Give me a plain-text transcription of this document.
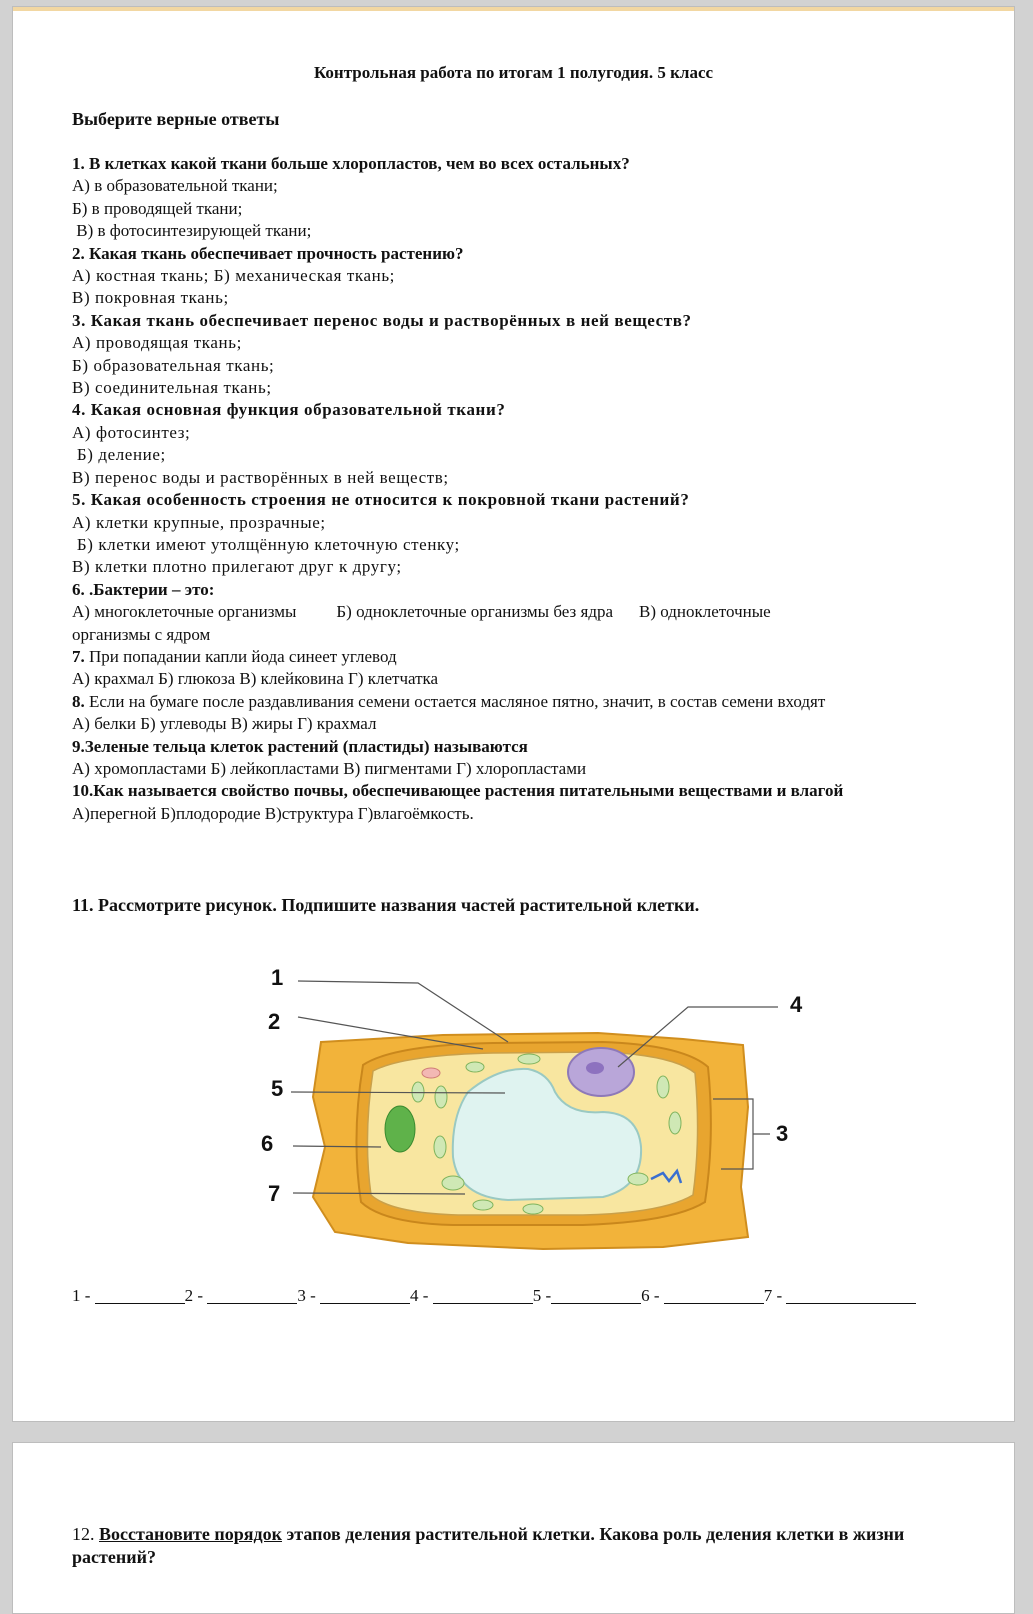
Контрольная работа по итогам 1 полугодия. 5 класс
Выберите верные ответы
1. В клетках какой ткани больше хлоропластов, чем во всех остальных?
А) в образовательной ткани;
Б) в проводящей ткани;
В) в фотосинтезирующей ткани;
2. Какая ткань обеспечивает прочность растению?
А) костная ткань; Б) механическая ткань;
В) покровная ткань;
3. Какая ткань обеспечивает перенос воды и растворённых в ней веществ?
А) проводящая ткань;
Б) образовательная ткань;
В) соединительная ткань;
4. Какая основная функция образовательной ткани?
А) фотосинтез;
Б) деление;
В) перенос воды и растворённых в ней веществ;
5. Какая особенность строения не относится к покровной ткани растений?
А) клетки крупные, прозрачные;
Б) клетки имеют утолщённую клеточную стенку;
В) клетки плотно прилегают друг к другу;
6. .Бактерии – это:
А) многоклеточные организмы Б) одноклеточные организмы без ядра В) одноклеточные
организмы с ядром
7. При попадании капли йода синеет углевод
А) крахмал Б) глюкоза В) клейковина Г) клетчатка
8. Если на бумаге после раздавливания семени остается масляное пятно, значит, в состав семени входят
А) белки Б) углеводы В) жиры Г) крахмал
9.Зеленые тельца клеток растений (пластиды) называются
А) хромопластами Б) лейкопластами В) пигментами Г) хлоропластами
10.Как называется свойство почвы, обеспечивающее растения питательными веществами и влагой
А)перегной Б)плодородие В)структура Г)влагоёмкость.
11. Рассмотрите рисунок. Подпишите названия частей растительной клетки.
1
2
3
4
5
6
7
1 -	2 -	3 -	4 -	5 -	6 -	7 -
12. Восстановите порядок этапов деления растительной клетки. Какова роль деления клетки в жизни растений?
